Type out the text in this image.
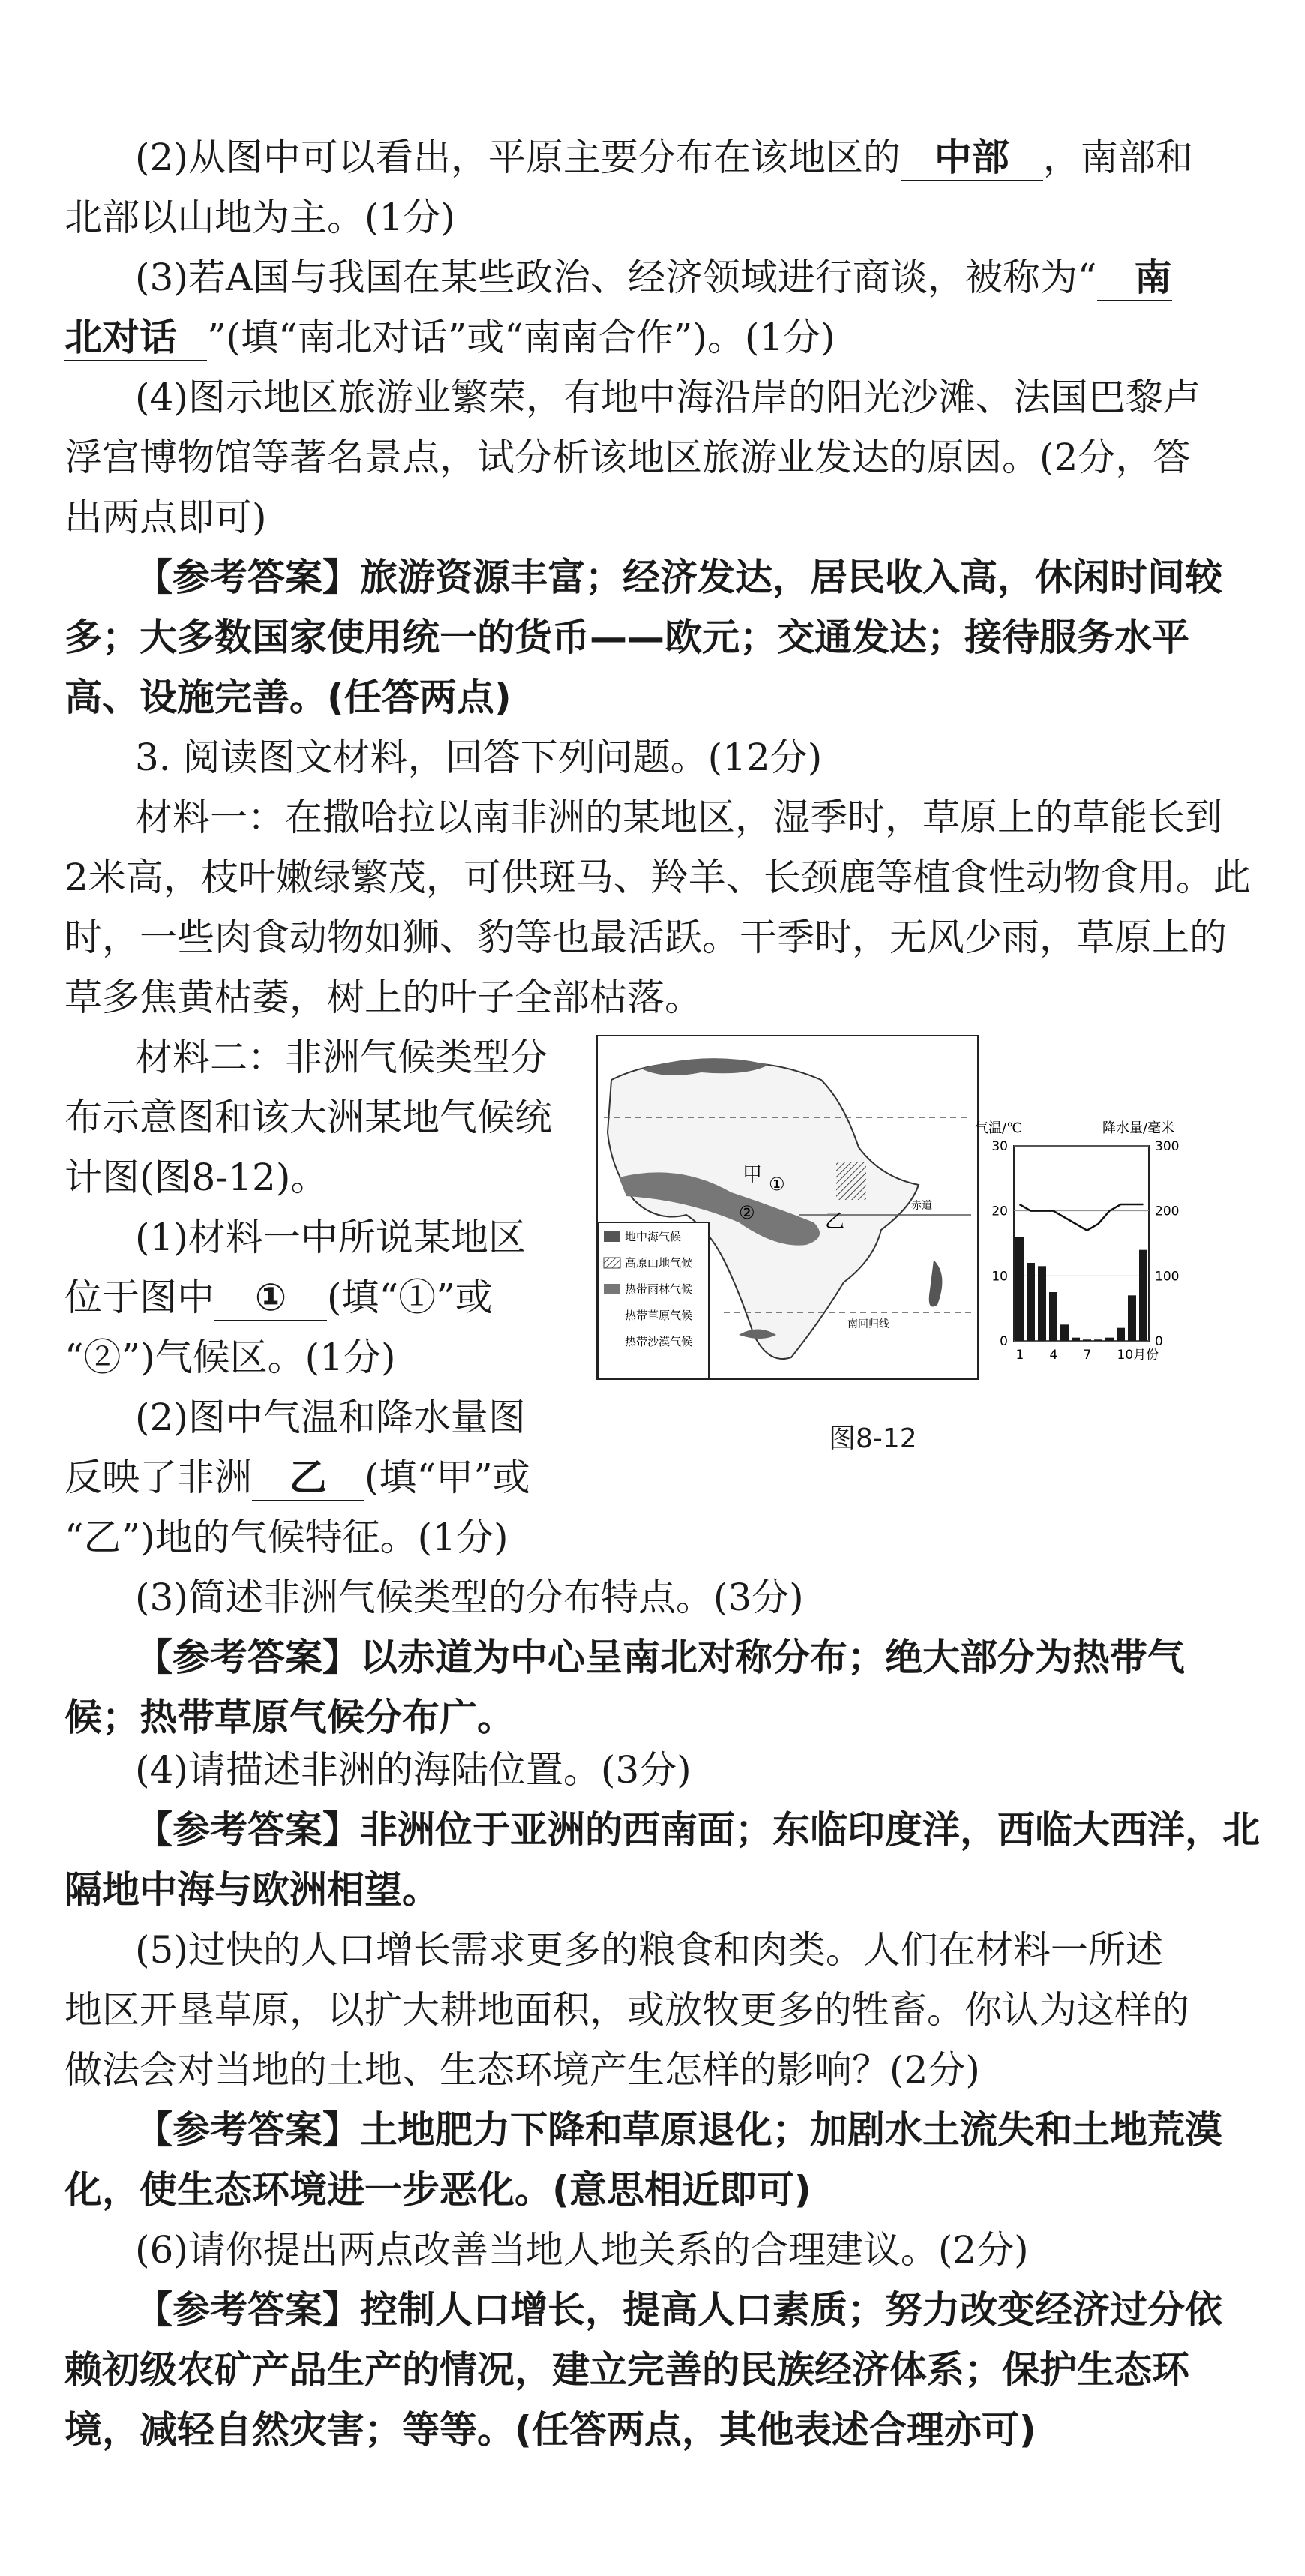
(2)从图中可以看出，平原主要分布在该地区的 中部 ，南部和
北部以山地为主。(1分)
(3)若A国与我国在某些政治、经济领域进行商谈，被称为“ 南
北对话 ”(填“南北对话”或“南南合作”)。(1分)
(4)图示地区旅游业繁荣，有地中海沿岸的阳光沙滩、法国巴黎卢
浮宫博物馆等著名景点，试分析该地区旅游业发达的原因。(2分，答
出两点即可)
【参考答案】旅游资源丰富；经济发达，居民收入高，休闲时间较
多；大多数国家使用统一的货币——欧元；交通发达；接待服务水平
高、设施完善。(任答两点)
3. 阅读图文材料，回答下列问题。(12分)
材料一：在撒哈拉以南非洲的某地区，湿季时，草原上的草能长到
2米高，枝叶嫩绿繁茂，可供斑马、羚羊、长颈鹿等植食性动物食用。此
时，一些肉食动物如狮、豹等也最活跃。干季时，无风少雨，草原上的
草多焦黄枯萎，树上的叶子全部枯落。
材料二：非洲气候类型分
布示意图和该大洲某地气候统
计图(图8-12)。
(1)材料一中所说某地区
位于图中 ① (填“①”或
“②”)气候区。(1分)
(2)图中气温和降水量图
反映了非洲 乙 (填“甲”或
“乙”)地的气候特征。(1分)
(3)简述非洲气候类型的分布特点。(3分)
【参考答案】以赤道为中心呈南北对称分布；绝大部分为热带气
候；热带草原气候分布广。
(4)请描述非洲的海陆位置。(3分)
【参考答案】非洲位于亚洲的西南面；东临印度洋，西临大西洋，北
隔地中海与欧洲相望。
(5)过快的人口增长需求更多的粮食和肉类。人们在材料一所述
地区开垦草原，以扩大耕地面积，或放牧更多的牲畜。你认为这样的
做法会对当地的土地、生态环境产生怎样的影响？(2分)
【参考答案】土地肥力下降和草原退化；加剧水土流失和土地荒漠
化，使生态环境进一步恶化。(意思相近即可)
(6)请你提出两点改善当地人地关系的合理建议。(2分)
【参考答案】控制人口增长，提高人口素质；努力改变经济过分依
赖初级农矿产品生产的情况，建立完善的民族经济体系；保护生态环
境，减轻自然灾害；等等。(任答两点，其他表述合理亦可)
赤道
南回归线
甲 ①
②	乙
地中海气候
高原山地气候
热带雨林气候
热带草原气候
热带沙漠气候
气温/℃	降水量/毫米
30	300
20	200
10	100
0	0
1 4 7 10月份
图8-12
